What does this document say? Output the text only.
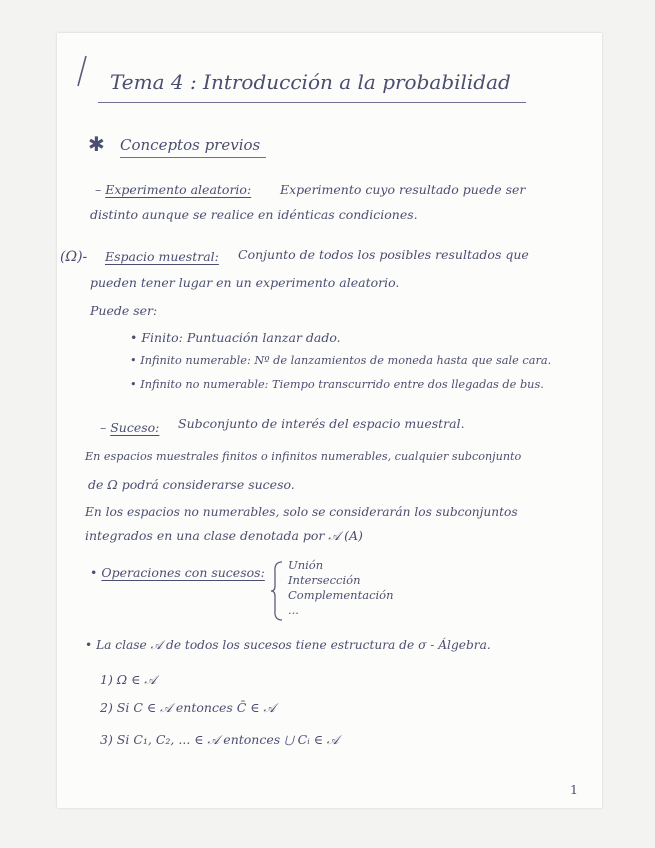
Tema 4 : Introducción a la probabilidad
✱ Conceptos previos
– Experimento aleatorio: Experimento cuyo resultado puede ser
distinto aunque se realice en idénticas condiciones.
(Ω)- Espacio muestral: Conjunto de todos los posibles resultados que
pueden tener lugar en un experimento aleatorio.
Puede ser:
• Finito: Puntuación lanzar dado.
• Infinito numerable: Nº de lanzamientos de moneda hasta que sale cara.
• Infinito no numerable: Tiempo transcurrido entre dos llegadas de bus.
– Suceso: Subconjunto de interés del espacio muestral.
En espacios muestrales finitos o infinitos numerables, cualquier subconjunto
de Ω podrá considerarse suceso.
En los espacios no numerables, solo se considerarán los subconjuntos
integrados en una clase denotada por 𝒜 (A)
• Operaciones con sucesos: Unión
Intersección
Complementación
...
• La clase 𝒜 de todos los sucesos tiene estructura de σ - Álgebra.
1) Ω ∈ 𝒜
2) Si C ∈ 𝒜 entonces C̄ ∈ 𝒜
3) Si C₁, C₂, ... ∈ 𝒜 entonces ⋃ Cᵢ ∈ 𝒜
1
